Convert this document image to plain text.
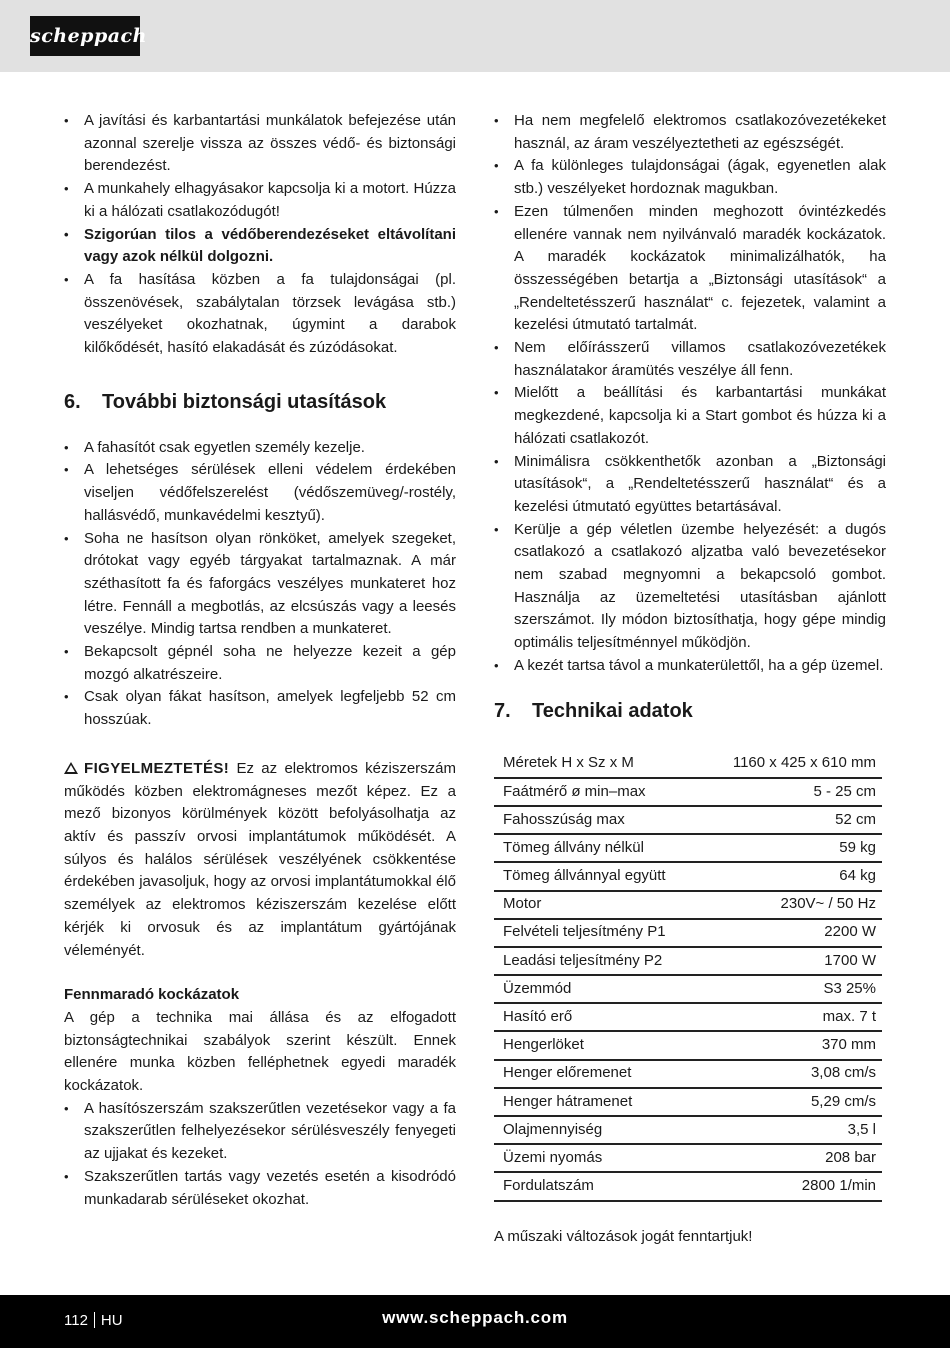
scheppach
• A javítási és karbantartási munkálatok befejezése után azonnal szerelje vissza az összes védő- és biztonsági berendezést.
• A munkahely elhagyásakor kapcsolja ki a motort. Húzza ki a hálózati csatlakozódugót!
• Szigorúan tilos a védőberendezéseket eltávolítani vagy azok nélkül dolgozni.
• A fa hasítása közben a fa tulajdonságai (pl. összenövések, szabálytalan törzsek levágása stb.) veszélyeket okozhatnak, úgymint a darabok kilőkődését, hasító elakadását és zúzódásokat.
6. További biztonsági utasítások
• A fahasítót csak egyetlen személy kezelje.
• A lehetséges sérülések elleni védelem érdekében viseljen védőfelszerelést (védőszemüveg/-rostély, hallásvédő, munkavédelmi kesztyű).
• Soha ne hasítson olyan rönköket, amelyek szegeket, drótokat vagy egyéb tárgyakat tartalmaznak. A már széthasított fa és faforgács veszélyes munkateret hoz létre. Fennáll a megbotlás, az elcsúszás vagy a leesés veszélye. Mindig tartsa rendben a munkateret.
• Bekapcsolt gépnél soha ne helyezze kezeit a gép mozgó alkatrészeire.
• Csak olyan fákat hasítson, amelyek legfeljebb 52 cm hosszúak.

FIGYELMEZTETÉS! Ez az elektromos kéziszerszám működés közben elektromágneses mezőt képez. Ez a mező bizonyos körülmények között befolyásolhatja az aktív és passzív orvosi implantátumok működését. A súlyos és halálos sérülések veszélyének csökkentése érdekében javasoljuk, hogy az orvosi implantátumokkal élő személyek az elektromos kéziszerszám kezelése előtt kérjék ki orvosuk és az implantátum gyártójának véleményét.

Fennmaradó kockázatok

A gép a technika mai állása és az elfogadott biztonságtechnikai szabályok szerint készült. Ennek ellenére munka közben felléphetnek egyedi maradék kockázatok.

• A hasítószerszám szakszerűtlen vezetésekor vagy a fa szakszerűtlen felhelyezésekor sérülésveszély fenyegeti az ujjakat és kezeket.
• Szakszerűtlen tartás vagy vezetés esetén a kisodródó munkadarab sérüléseket okozhat.
• Ha nem megfelelő elektromos csatlakozóvezetékeket használ, az áram veszélyeztetheti az egészségét.
• A fa különleges tulajdonságai (ágak, egyenetlen alak stb.) veszélyeket hordoznak magukban.
• Ezen túlmenően minden meghozott óvintézkedés ellenére vannak nem nyilvánvaló maradék kockázatok. A maradék kockázatok minimalizálhatók, ha összességében betartja a „Biztonsági utasítások“ a „Rendeltetésszerű használat“ c. fejezetek, valamint a kezelési útmutató tartalmát.
• Nem előírásszerű villamos csatlakozóvezetékek használatakor áramütés veszélye áll fenn.
• Mielőtt a beállítási és karbantartási munkákat megkezdené, kapcsolja ki a Start gombot és húzza ki a hálózati csatlakozót.
• Minimálisra csökkenthetők azonban a „Biztonsági utasítások“, a „Rendeltetésszerű használat“ és a kezelési útmutató együttes betartásával.
• Kerülje a gép véletlen üzembe helyezését: a dugós csatlakozó a csatlakozó aljzatba való bevezetésekor nem szabad megnyomni a bekapcsoló gombot. Használja az üzemeltetési utasításban ajánlott szerszámot. Ily módon biztosíthatja, hogy gépe mindig optimális teljesítménnyel működjön.
• A kezét tartsa távol a munkaterülettől, ha a gép üzemel.
7. Technikai adatok
Méretek H x Sz x M	1160 x 425 x 610 mm
Faátmérő ø min–max	5 - 25 cm
Fahosszúság max	52 cm
Tömeg állvány nélkül	59 kg
Tömeg állvánnyal együtt	64 kg
Motor	230V~ / 50 Hz
Felvételi teljesítmény P1	2200 W
Leadási teljesítmény P2	1700 W
Üzemmód	S3 25%
Hasító erő	max. 7 t
Hengerlöket	370 mm
Henger előremenet	3,08 cm/s
Henger hátramenet	5,29 cm/s
Olajmennyiség	3,5 l
Üzemi nyomás	208 bar
Fordulatszám	2800 1/min

A műszaki változások jogát fenntartjuk!

112 HU	www.scheppach.com
